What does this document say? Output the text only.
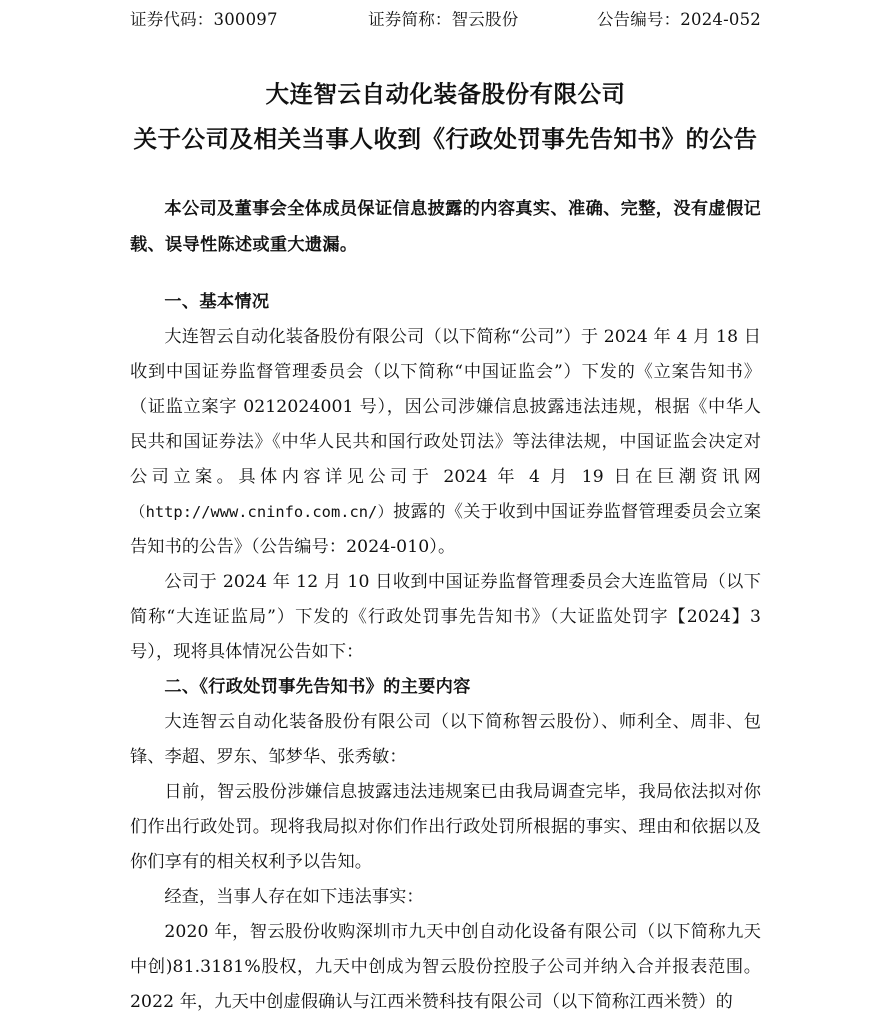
证券代码：300097	证券简称：智云股份	公告编号：2024-052
大连智云自动化装备股份有限公司
关于公司及相关当事人收到《行政处罚事先告知书》的公告

本公司及董事会全体成员保证信息披露的内容真实、准确、完整，没有虚假记载、误导性陈述或重大遗漏。

一、基本情况

大连智云自动化装备股份有限公司（以下简称“公司”）于 2024 年 4 月 18 日收到中国证券监督管理委员会（以下简称“中国证监会”）下发的《立案告知书》（证监立案字 0212024001 号），因公司涉嫌信息披露违法违规，根据《中华人民共和国证券法》《中华人民共和国行政处罚法》等法律法规，中国证监会决定对公司立案。具体内容详见公司于 2024 年 4 月 19 日在巨潮资讯网（http://www.cninfo.com.cn/）披露的《关于收到中国证券监督管理委员会立案告知书的公告》（公告编号：2024-010）。

公司于 2024 年 12 月 10 日收到中国证券监督管理委员会大连监管局（以下简称“大连证监局”）下发的《行政处罚事先告知书》（大证监处罚字【2024】3 号），现将具体情况公告如下：

二、《行政处罚事先告知书》的主要内容

大连智云自动化装备股份有限公司（以下简称智云股份）、师利全、周非、包锋、李超、罗东、邹梦华、张秀敏：

日前，智云股份涉嫌信息披露违法违规案已由我局调查完毕，我局依法拟对你们作出行政处罚。现将我局拟对你们作出行政处罚所根据的事实、理由和依据以及你们享有的相关权利予以告知。

经查，当事人存在如下违法事实：

2020 年，智云股份收购深圳市九天中创自动化设备有限公司（以下简称九天中创)81.3181%股权，九天中创成为智云股份控股子公司并纳入合并报表范围。2022 年，九天中创虚假确认与江西米赞科技有限公司（以下简称江西米赞）的
